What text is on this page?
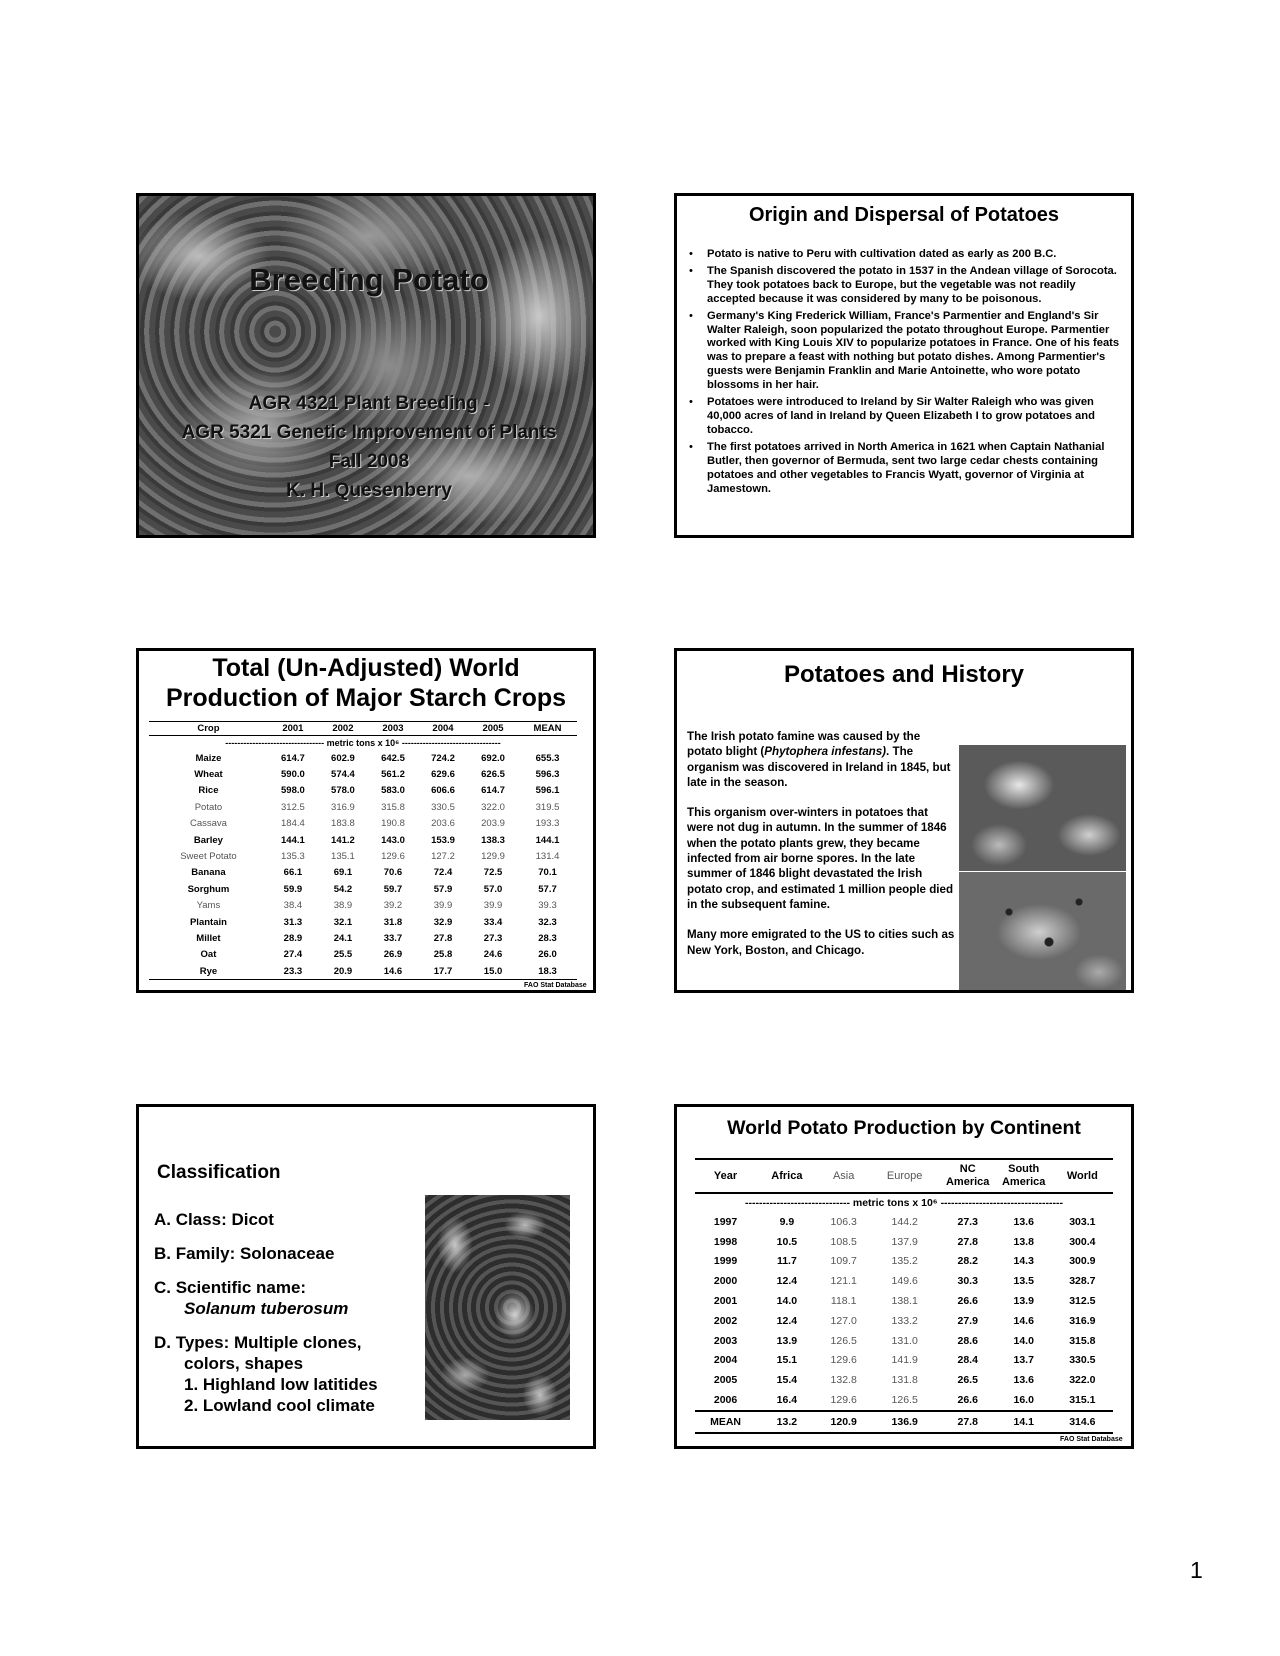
Breeding Potato
AGR 4321 Plant Breeding -
AGR 5321 Genetic Improvement of Plants
Fall 2008
K. H. Quesenberry
Origin and Dispersal of Potatoes
• Potato is native to Peru with cultivation dated as early as 200 B.C.
• The Spanish discovered the potato in 1537 in the Andean village of Sorocota. They took potatoes back to Europe, but the vegetable was not readily accepted because it was considered by many to be poisonous.
• Germany's King Frederick William, France's Parmentier and England's Sir Walter Raleigh, soon popularized the potato throughout Europe. Parmentier worked with King Louis XIV to popularize potatoes in France. One of his feats was to prepare a feast with nothing but potato dishes. Among Parmentier's guests were Benjamin Franklin and Marie Antoinette, who wore potato blossoms in her hair.
• Potatoes were introduced to Ireland by Sir Walter Raleigh who was given 40,000 acres of land in Ireland by Queen Elizabeth I to grow potatoes and tobacco.
• The first potatoes arrived in North America in 1621 when Captain Nathanial Butler, then governor of Bermuda, sent two large cedar chests containing potatoes and other vegetables to Francis Wyatt, governor of Virginia at Jamestown.
Total (Un-Adjusted) World
Production of Major Starch Crops
Crop	2001	2002	2003	2004	2005	MEAN
--------------------------------- metric tons x 10⁶ ---------------------------------						
Maize	614.7	602.9	642.5	724.2	692.0	655.3
Wheat	590.0	574.4	561.2	629.6	626.5	596.3
Rice	598.0	578.0	583.0	606.6	614.7	596.1
Potato	312.5	316.9	315.8	330.5	322.0	319.5
Cassava	184.4	183.8	190.8	203.6	203.9	193.3
Barley	144.1	141.2	143.0	153.9	138.3	144.1
Sweet Potato	135.3	135.1	129.6	127.2	129.9	131.4
Banana	66.1	69.1	70.6	72.4	72.5	70.1
Sorghum	59.9	54.2	59.7	57.9	57.0	57.7
Yams	38.4	38.9	39.2	39.9	39.9	39.3
Plantain	31.3	32.1	31.8	32.9	33.4	32.3
Millet	28.9	24.1	33.7	27.8	27.3	28.3
Oat	27.4	25.5	26.9	25.8	24.6	26.0
Rye	23.3	20.9	14.6	17.7	15.0	18.3
FAO Stat Database
Potatoes and History

The Irish potato famine was caused by the potato blight (Phytophera infestans). The organism was discovered in Ireland in 1845, but late in the season.

This organism over-winters in potatoes that were not dug in autumn. In the summer of 1846 when the potato plants grew, they became infected from air borne spores. In the late summer of 1846 blight devastated the Irish potato crop, and estimated 1 million people died in the subsequent famine.

Many more emigrated to the US to cities such as New York, Boston, and Chicago.

Classification
A. Class: Dicot
B. Family: Solonaceae
C. Scientific name:
Solanum tuberosum
D. Types: Multiple clones,
colors, shapes
1. Highland low latitides
2. Lowland cool climate
World Potato Production by Continent
Year	Africa	Asia	Europe	NC America	South America	World
------------------------------ metric tons x 10⁶ -----------------------------------						
1997	9.9	106.3	144.2	27.3	13.6	303.1
1998	10.5	108.5	137.9	27.8	13.8	300.4
1999	11.7	109.7	135.2	28.2	14.3	300.9
2000	12.4	121.1	149.6	30.3	13.5	328.7
2001	14.0	118.1	138.1	26.6	13.9	312.5
2002	12.4	127.0	133.2	27.9	14.6	316.9
2003	13.9	126.5	131.0	28.6	14.0	315.8
2004	15.1	129.6	141.9	28.4	13.7	330.5
2005	15.4	132.8	131.8	26.5	13.6	322.0
2006	16.4	129.6	126.5	26.6	16.0	315.1
MEAN	13.2	120.9	136.9	27.8	14.1	314.6
FAO Stat Database
1
